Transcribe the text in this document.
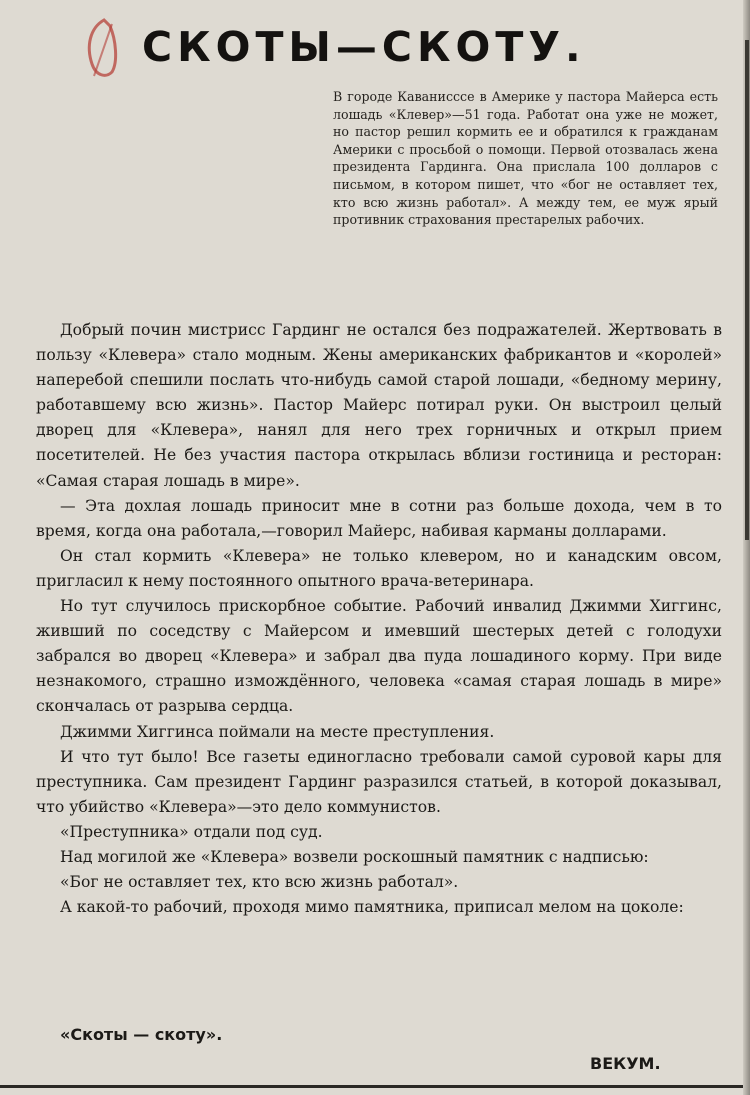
СКОТЫ—СКОТУ.

В городе Каванисссе в Америке у пастора Майерса есть лошадь «Клевер»—51 года. Работат она уже не может, но пастор решил кормить ее и обратился к гражданам Америки с просьбой о помощи. Первой отозвалась жена президента Гардинга. Она прислала 100 долларов с письмом, в котором пишет, что «бог не оставляет тех, кто всю жизнь работал». А между тем, ее муж ярый противник страхования престарелых рабочих.

Добрый почин мистрисс Гардинг не остался без подражателей. Жертвовать в пользу «Клевера» стало модным. Жены американских фабрикантов и «королей» наперебой спешили послать что-нибудь самой старой лошади, «бедному мерину, работавшему всю жизнь». Пастор Майерс потирал руки. Он выстроил целый дворец для «Клевера», нанял для него трех горничных и открыл прием посетителей. Не без участия пастора открылась вблизи гостиница и ресторан: «Самая старая лошадь в мире».

— Эта дохлая лошадь приносит мне в сотни раз больше дохода, чем в то время, когда она работала,—говорил Майерс, набивая карманы долларами.

Он стал кормить «Клевера» не только клевером, но и канадским овсом, пригласил к нему постоянного опытного врача-ветеринара.

Но тут случилось прискорбное событие. Рабочий инвалид Джимми Хиггинс, живший по соседству с Майерсом и имевший шестерых детей с голодухи забрался во дворец «Клевера» и забрал два пуда лошадиного корму. При виде незнакомого, страшно измождённого, человека «самая старая лошадь в мире» скончалась от разрыва сердца.

Джимми Хиггинса поймали на месте преступления.

И что тут было! Все газеты единогласно требовали самой суровой кары для преступника. Сам президент Гардинг разразился статьей, в которой доказывал, что убийство «Клевера»—это дело коммунистов.

«Преступника» отдали под суд.

Над могилой же «Клевера» возвели роскошный памятник с надписью:

«Бог не оставляет тех, кто всю жизнь работал».

А какой-то рабочий, проходя мимо памятника, приписал мелом на цоколе:

«Скоты — скоту».

ВЕКУМ.
